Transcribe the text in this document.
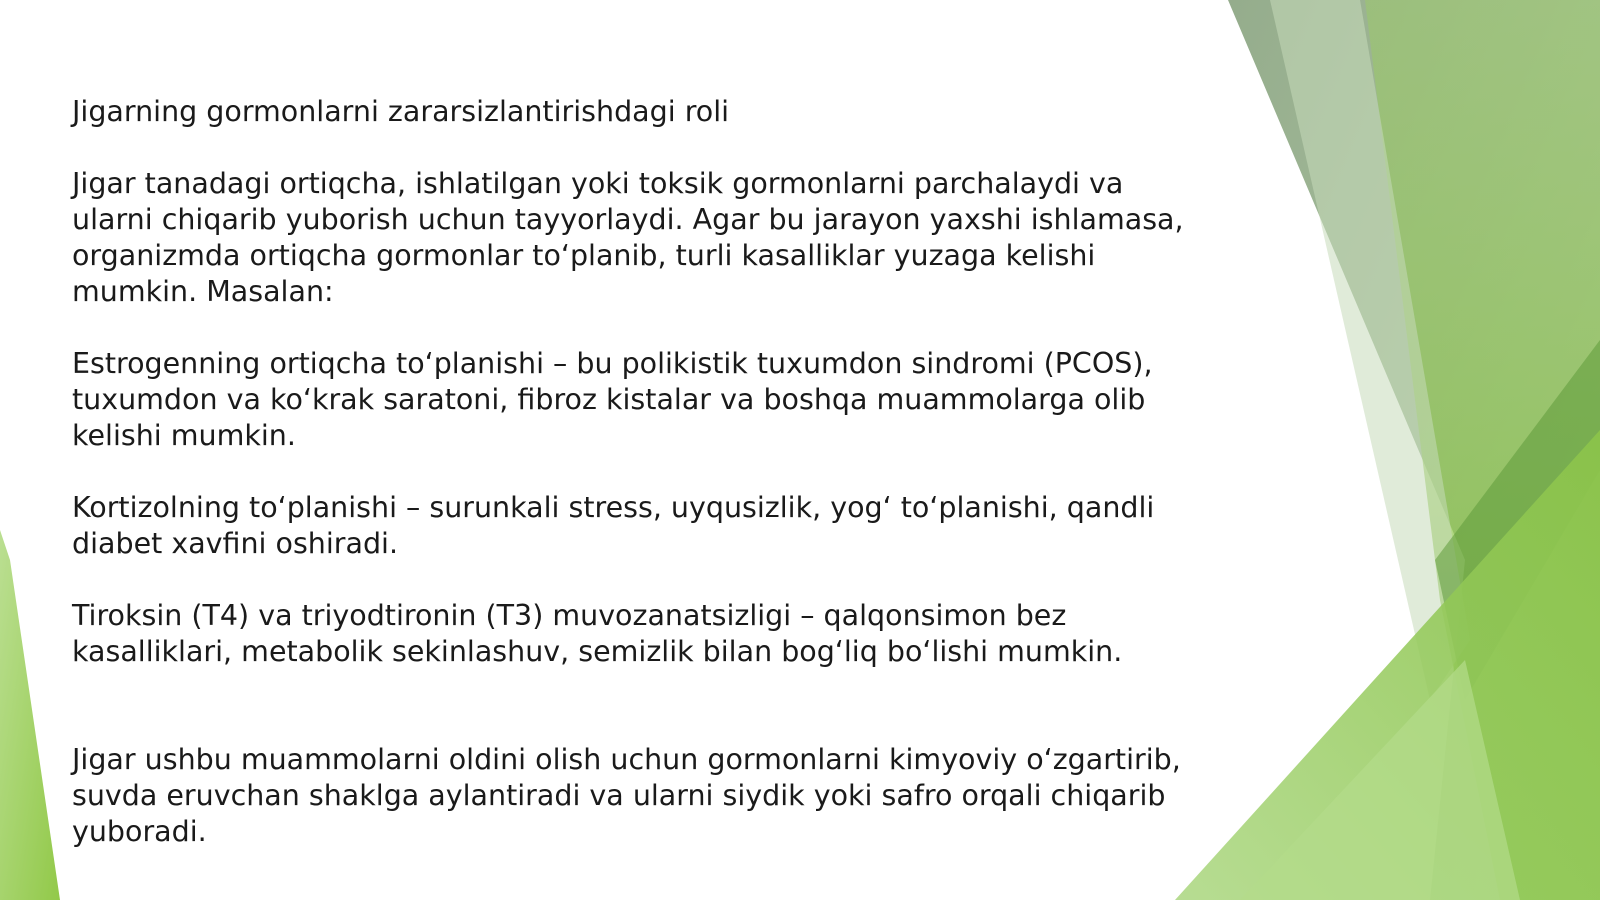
Jigarning gormonlarni zararsizlantirishdagi roli

Jigar tanadagi ortiqcha, ishlatilgan yoki toksik gormonlarni parchalaydi va ularni chiqarib yuborish uchun tayyorlaydi. Agar bu jarayon yaxshi ishlamasa, organizmda ortiqcha gormonlar to‘planib, turli kasalliklar yuzaga kelishi mumkin. Masalan:

Estrogenning ortiqcha to‘planishi – bu polikistik tuxumdon sindromi (PCOS), tuxumdon va ko‘krak saratoni, fibroz kistalar va boshqa muammolarga olib kelishi mumkin.

Kortizolning to‘planishi – surunkali stress, uyqusizlik, yog‘ to‘planishi, qandli diabet xavfini oshiradi.

Tiroksin (T4) va triyodtironin (T3) muvozanatsizligi – qalqonsimon bez kasalliklari, metabolik sekinlashuv, semizlik bilan bog‘liq bo‘lishi mumkin.

Jigar ushbu muammolarni oldini olish uchun gormonlarni kimyoviy o‘zgartirib, suvda eruvchan shaklga aylantiradi va ularni siydik yoki safro orqali chiqarib yuboradi.
